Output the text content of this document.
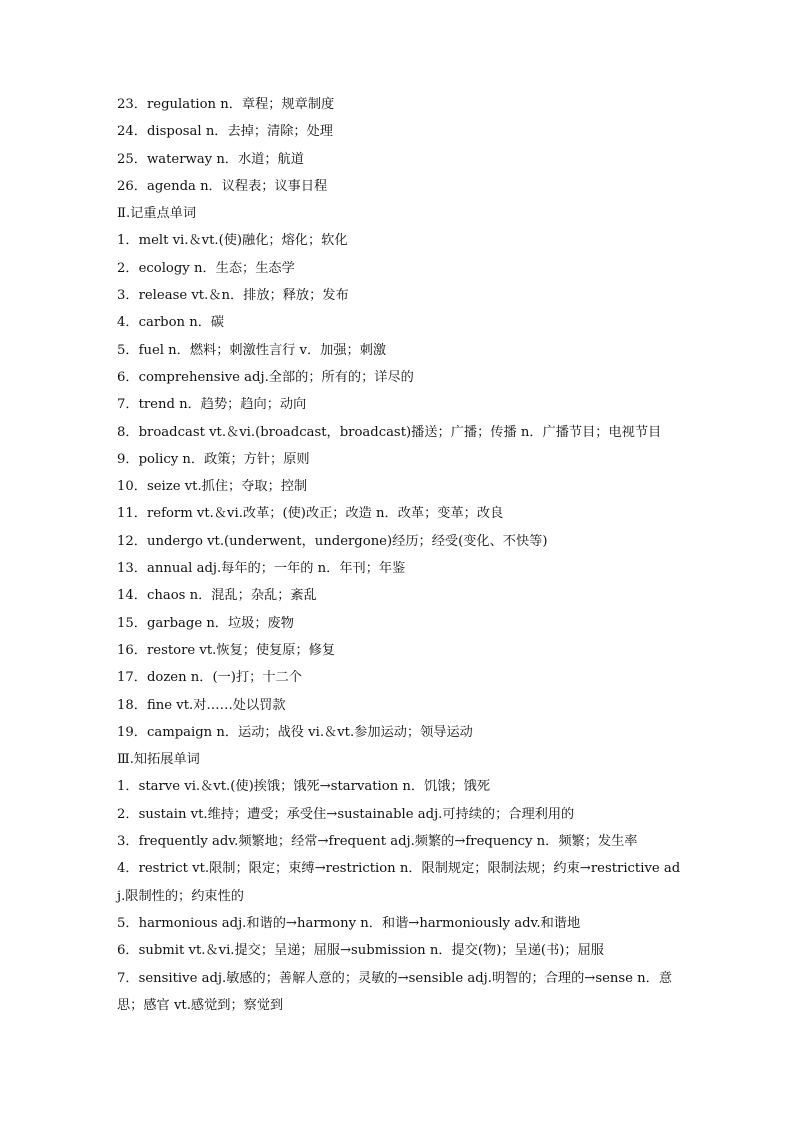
23．regulation n．章程；规章制度
24．disposal n．去掉；清除；处理
25．waterway n．水道；航道
26．agenda n．议程表；议事日程
Ⅱ.记重点单词
1．melt vi.＆vt.(使)融化；熔化；软化
2．ecology n．生态；生态学
3．release vt.＆n．排放；释放；发布
4．carbon n．碳
5．fuel n．燃料；刺激性言行 v．加强；刺激
6．comprehensive adj.全部的；所有的；详尽的
7．trend n．趋势；趋向；动向
8．broadcast vt.＆vi.(broadcast，broadcast)播送；广播；传播 n．广播节目；电视节目
9．policy n．政策；方针；原则
10．seize vt.抓住；夺取；控制
11．reform vt.＆vi.改革；(使)改正；改造 n．改革；变革；改良
12．undergo vt.(underwent，undergone)经历；经受(变化、不快等)
13．annual adj.每年的；一年的 n．年刊；年鉴
14．chaos n．混乱；杂乱；紊乱
15．garbage n．垃圾；废物
16．restore vt.恢复；使复原；修复
17．dozen n．(一)打；十二个
18．fine vt.对……处以罚款
19．campaign n．运动；战役 vi.＆vt.参加运动；领导运动
Ⅲ.知拓展单词
1．starve vi.＆vt.(使)挨饿；饿死→starvation n．饥饿；饿死
2．sustain vt.维持；遭受；承受住→sustainable adj.可持续的；合理利用的
3．frequently adv.频繁地；经常→frequent adj.频繁的→frequency n．频繁；发生率
4．restrict vt.限制；限定；束缚→restriction n．限制规定；限制法规；约束→restrictive adj.限制性的；约束性的
5．harmonious adj.和谐的→harmony n．和谐→harmoniously adv.和谐地
6．submit vt.＆vi.提交；呈递；屈服→submission n．提交(物)；呈递(书)；屈服
7．sensitive adj.敏感的；善解人意的；灵敏的→sensible adj.明智的；合理的→sense n．意思；感官 vt.感觉到；察觉到
